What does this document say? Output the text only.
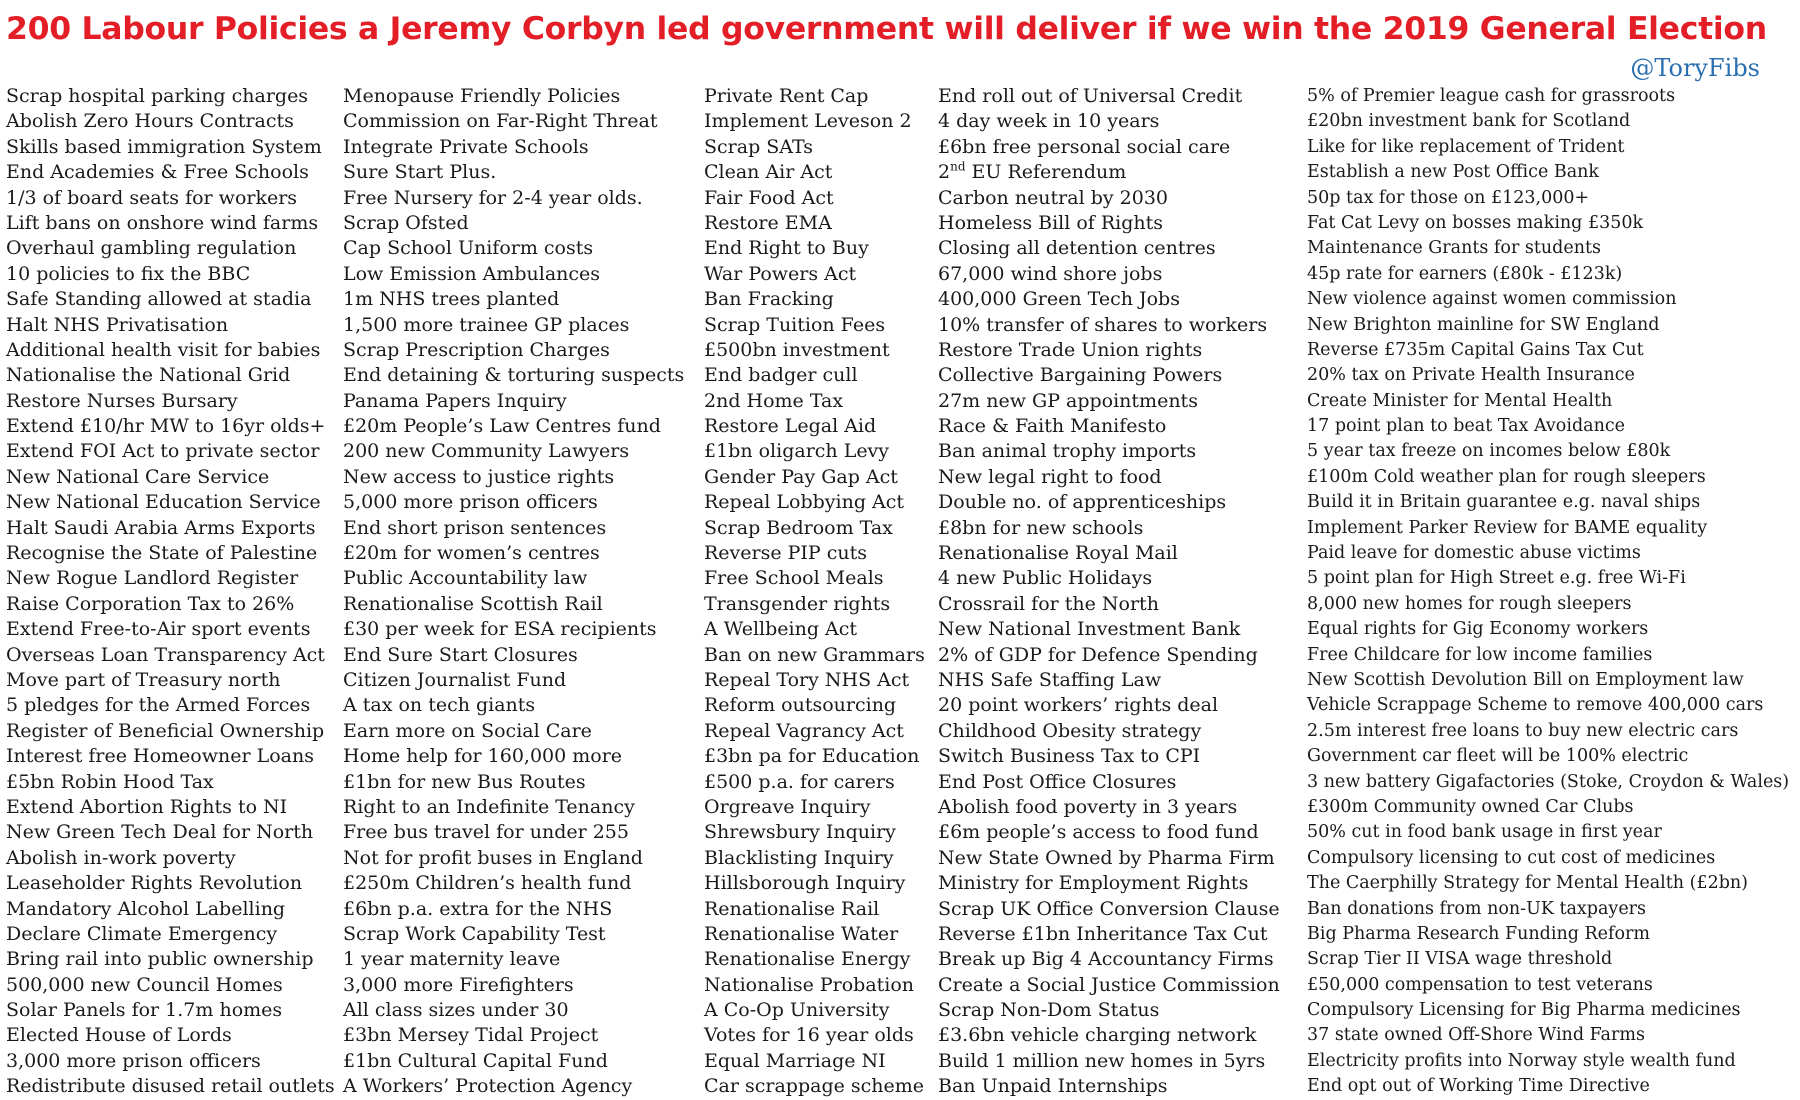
200 Labour Policies a Jeremy Corbyn led government will deliver if we win the 2019 General Election
@ToryFibs
Scrap hospital parking charges
Abolish Zero Hours Contracts
Skills based immigration System
End Academies & Free Schools
1/3 of board seats for workers
Lift bans on onshore wind farms
Overhaul gambling regulation
10 policies to fix the BBC
Safe Standing allowed at stadia
Halt NHS Privatisation
Additional health visit for babies
Nationalise the National Grid
Restore Nurses Bursary
Extend £10/hr MW to 16yr olds+
Extend FOI Act to private sector
New National Care Service
New National Education Service
Halt Saudi Arabia Arms Exports
Recognise the State of Palestine
New Rogue Landlord Register
Raise Corporation Tax to 26%
Extend Free-to-Air sport events
Overseas Loan Transparency Act
Move part of Treasury north
5 pledges for the Armed Forces
Register of Beneficial Ownership
Interest free Homeowner Loans
£5bn Robin Hood Tax
Extend Abortion Rights to NI
New Green Tech Deal for North
Abolish in-work poverty
Leaseholder Rights Revolution
Mandatory Alcohol Labelling
Declare Climate Emergency
Bring rail into public ownership
500,000 new Council Homes
Solar Panels for 1.7m homes
Elected House of Lords
3,000 more prison officers
Redistribute disused retail outlets
Menopause Friendly Policies
Commission on Far-Right Threat
Integrate Private Schools
Sure Start Plus.
Free Nursery for 2-4 year olds.
Scrap Ofsted
Cap School Uniform costs
Low Emission Ambulances
1m NHS trees planted
1,500 more trainee GP places
Scrap Prescription Charges
End detaining & torturing suspects
Panama Papers Inquiry
£20m People’s Law Centres fund
200 new Community Lawyers
New access to justice rights
5,000 more prison officers
End short prison sentences
£20m for women’s centres
Public Accountability law
Renationalise Scottish Rail
£30 per week for ESA recipients
End Sure Start Closures
Citizen Journalist Fund
A tax on tech giants
Earn more on Social Care
Home help for 160,000 more
£1bn for new Bus Routes
Right to an Indefinite Tenancy
Free bus travel for under 255
Not for profit buses in England
£250m Children’s health fund
£6bn p.a. extra for the NHS
Scrap Work Capability Test
1 year maternity leave
3,000 more Firefighters
All class sizes under 30
£3bn Mersey Tidal Project
£1bn Cultural Capital Fund
A Workers’ Protection Agency
Private Rent Cap
Implement Leveson 2
Scrap SATs
Clean Air Act
Fair Food Act
Restore EMA
End Right to Buy
War Powers Act
Ban Fracking
Scrap Tuition Fees
£500bn investment
End badger cull
2nd Home Tax
Restore Legal Aid
£1bn oligarch Levy
Gender Pay Gap Act
Repeal Lobbying Act
Scrap Bedroom Tax
Reverse PIP cuts
Free School Meals
Transgender rights
A Wellbeing Act
Ban on new Grammars
Repeal Tory NHS Act
Reform outsourcing
Repeal Vagrancy Act
£3bn pa for Education
£500 p.a. for carers
Orgreave Inquiry
Shrewsbury Inquiry
Blacklisting Inquiry
Hillsborough Inquiry
Renationalise Rail
Renationalise Water
Renationalise Energy
Nationalise Probation
A Co-Op University
Votes for 16 year olds
Equal Marriage NI
Car scrappage scheme
End roll out of Universal Credit
4 day week in 10 years
£6bn free personal social care
2nd EU Referendum
Carbon neutral by 2030
Homeless Bill of Rights
Closing all detention centres
67,000 wind shore jobs
400,000 Green Tech Jobs
10% transfer of shares to workers
Restore Trade Union rights
Collective Bargaining Powers
27m new GP appointments
Race & Faith Manifesto
Ban animal trophy imports
New legal right to food
Double no. of apprenticeships
£8bn for new schools
Renationalise Royal Mail
4 new Public Holidays
Crossrail for the North
New National Investment Bank
2% of GDP for Defence Spending
NHS Safe Staffing Law
20 point workers’ rights deal
Childhood Obesity strategy
Switch Business Tax to CPI
End Post Office Closures
Abolish food poverty in 3 years
£6m people’s access to food fund
New State Owned by Pharma Firm
Ministry for Employment Rights
Scrap UK Office Conversion Clause
Reverse £1bn Inheritance Tax Cut
Break up Big 4 Accountancy Firms
Create a Social Justice Commission
Scrap Non-Dom Status
£3.6bn vehicle charging network
Build 1 million new homes in 5yrs
Ban Unpaid Internships
5% of Premier league cash for grassroots
£20bn investment bank for Scotland
Like for like replacement of Trident
Establish a new Post Office Bank
50p tax for those on £123,000+
Fat Cat Levy on bosses making £350k
Maintenance Grants for students
45p rate for earners (£80k - £123k)
New violence against women commission
New Brighton mainline for SW England
Reverse £735m Capital Gains Tax Cut
20% tax on Private Health Insurance
Create Minister for Mental Health
17 point plan to beat Tax Avoidance
5 year tax freeze on incomes below £80k
£100m Cold weather plan for rough sleepers
Build it in Britain guarantee e.g. naval ships
Implement Parker Review for BAME equality
Paid leave for domestic abuse victims
5 point plan for High Street e.g. free Wi-Fi
8,000 new homes for rough sleepers
Equal rights for Gig Economy workers
Free Childcare for low income families
New Scottish Devolution Bill on Employment law
Vehicle Scrappage Scheme to remove 400,000 cars
2.5m interest free loans to buy new electric cars
Government car fleet will be 100% electric
3 new battery Gigafactories (Stoke, Croydon & Wales)
£300m Community owned Car Clubs
50% cut in food bank usage in first year
Compulsory licensing to cut cost of medicines
The Caerphilly Strategy for Mental Health (£2bn)
Ban donations from non-UK taxpayers
Big Pharma Research Funding Reform
Scrap Tier II VISA wage threshold
£50,000 compensation to test veterans
Compulsory Licensing for Big Pharma medicines
37 state owned Off-Shore Wind Farms
Electricity profits into Norway style wealth fund
End opt out of Working Time Directive
